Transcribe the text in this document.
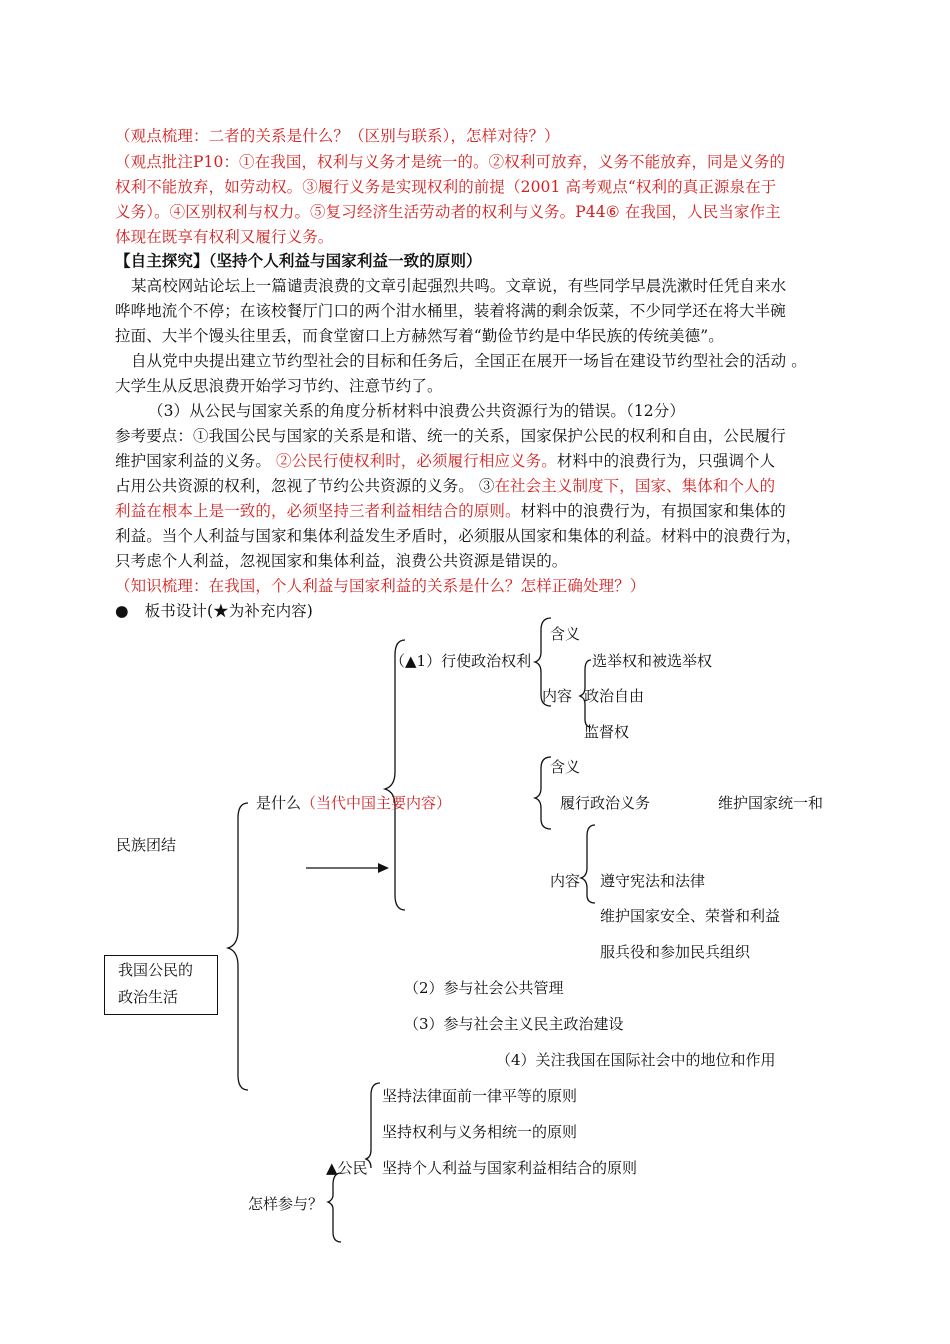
（观点梳理：二者的关系是什么？（区别与联系），怎样对待？）
（观点批注P10：①在我国，权利与义务才是统一的。②权利可放弃，义务不能放弃，同是义务的
权利不能放弃，如劳动权。③履行义务是实现权利的前提（2001 高考观点“权利的真正源泉在于
义务）。④区别权利与权力。⑤复习经济生活劳动者的权利与义务。P44⑥ 在我国，人民当家作主
体现在既享有权利又履行义务。
【自主探究】（坚持个人利益与国家利益一致的原则）
某高校网站论坛上一篇谴责浪费的文章引起强烈共鸣。文章说，有些同学早晨洗漱时任凭自来水
哗哗地流个不停；在该校餐厅门口的两个泔水桶里，装着将满的剩余饭菜，不少同学还在将大半碗
拉面、大半个馒头往里丢，而食堂窗口上方赫然写着“勤俭节约是中华民族的传统美德”。
自从党中央提出建立节约型社会的目标和任务后，全国正在展开一场旨在建设节约型社会的活动 。
大学生从反思浪费开始学习节约、注意节约了。
（3）从公民与国家关系的角度分析材料中浪费公共资源行为的错误。（12分）
参考要点：①我国公民与国家的关系是和谐、统一的关系，国家保护公民的权利和自由，公民履行
维护国家利益的义务。 ②公民行使权利时，必须履行相应义务。材料中的浪费行为，只强调个人
占用公共资源的权利，忽视了节约公共资源的义务。 ③在社会主义制度下，国家、集体和个人的
利益在根本上是一致的，必须坚持三者利益相结合的原则。材料中的浪费行为，有损国家和集体的
利益。当个人利益与国家和集体利益发生矛盾时，必须服从国家和集体的利益。材料中的浪费行为，
只考虑个人利益，忽视国家和集体利益，浪费公共资源是错误的。
（知识梳理：在我国，个人利益与国家利益的关系是什么？怎样正确处理？）
● 板书设计(★为补充内容)
我国公民的
政治生活
是什么（当代中国主要内容）
民族团结
（▲1）行使政治权利
含义
内容
选举权和被选举权
政治自由
监督权
含义
履行政治义务	维护国家统一和
内容 遵守宪法和法律
维护国家安全、荣誉和利益
服兵役和参加民兵组织
（2）参与社会公共管理
（3）参与社会主义民主政治建设
（4）关注我国在国际社会中的地位和作用
坚持法律面前一律平等的原则
坚持权利与义务相统一的原则
▲公民 坚持个人利益与国家利益相结合的原则
怎样参与？
